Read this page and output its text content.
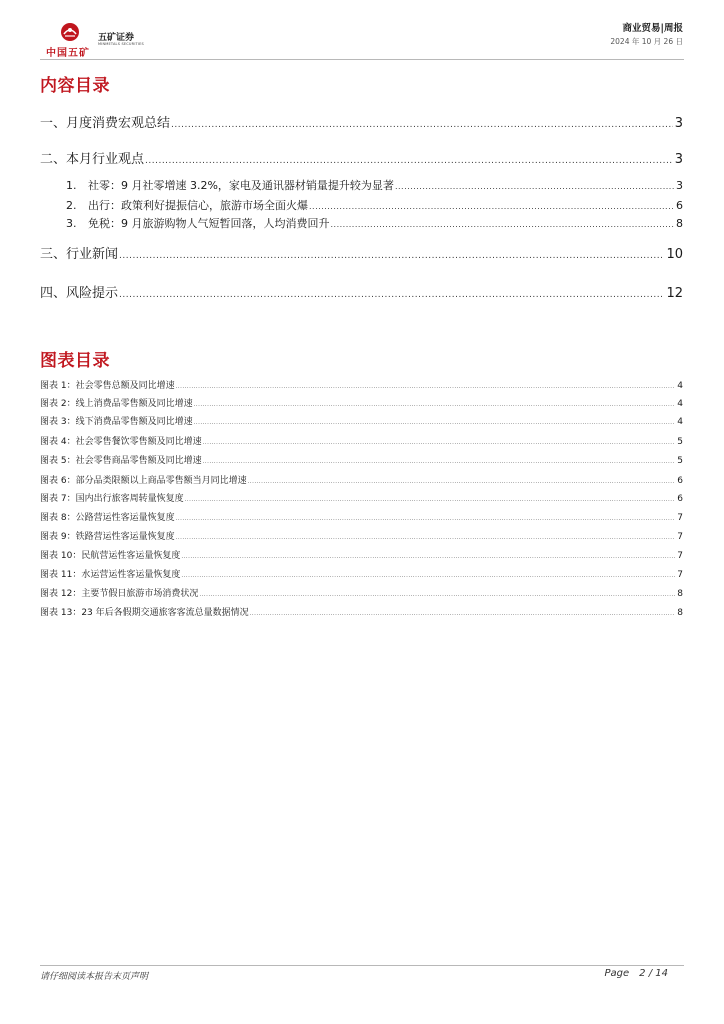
中国五矿
五矿证券
MINMETALS SECURITIES
商业贸易|周报
2024 年 10 月 26 日
内容目录
一、月度消费宏观总结 .....	3
二、本月行业观点 .....	3
1.	社零：9 月社零增速 3.2%，家电及通讯器材销量提升较为显著 .....	3
2.	出行：政策利好提振信心，旅游市场全面火爆 .....	6
3.	免税：9 月旅游购物人气短暂回落，人均消费回升 .....	8
三、行业新闻 .....	10
四、风险提示 .....	12
图表目录
图表 1：社会零售总额及同比增速 .....	4
图表 2：线上消费品零售额及同比增速 .....	4
图表 3：线下消费品零售额及同比增速 .....	4
图表 4：社会零售餐饮零售额及同比增速 .....	5
图表 5：社会零售商品零售额及同比增速 .....	5
图表 6：部分品类限额以上商品零售额当月同比增速 .....	6
图表 7：国内出行旅客周转量恢复度 .....	6
图表 8：公路营运性客运量恢复度 .....	7
图表 9：铁路营运性客运量恢复度 .....	7
图表 10：民航营运性客运量恢复度 .....	7
图表 11：水运营运性客运量恢复度 .....	7
图表 12：主要节假日旅游市场消费状况 .....	8
图表 13：23 年后各假期交通旅客客流总量数据情况 .....	8
请仔细阅读本报告末页声明	Page 2 / 14
